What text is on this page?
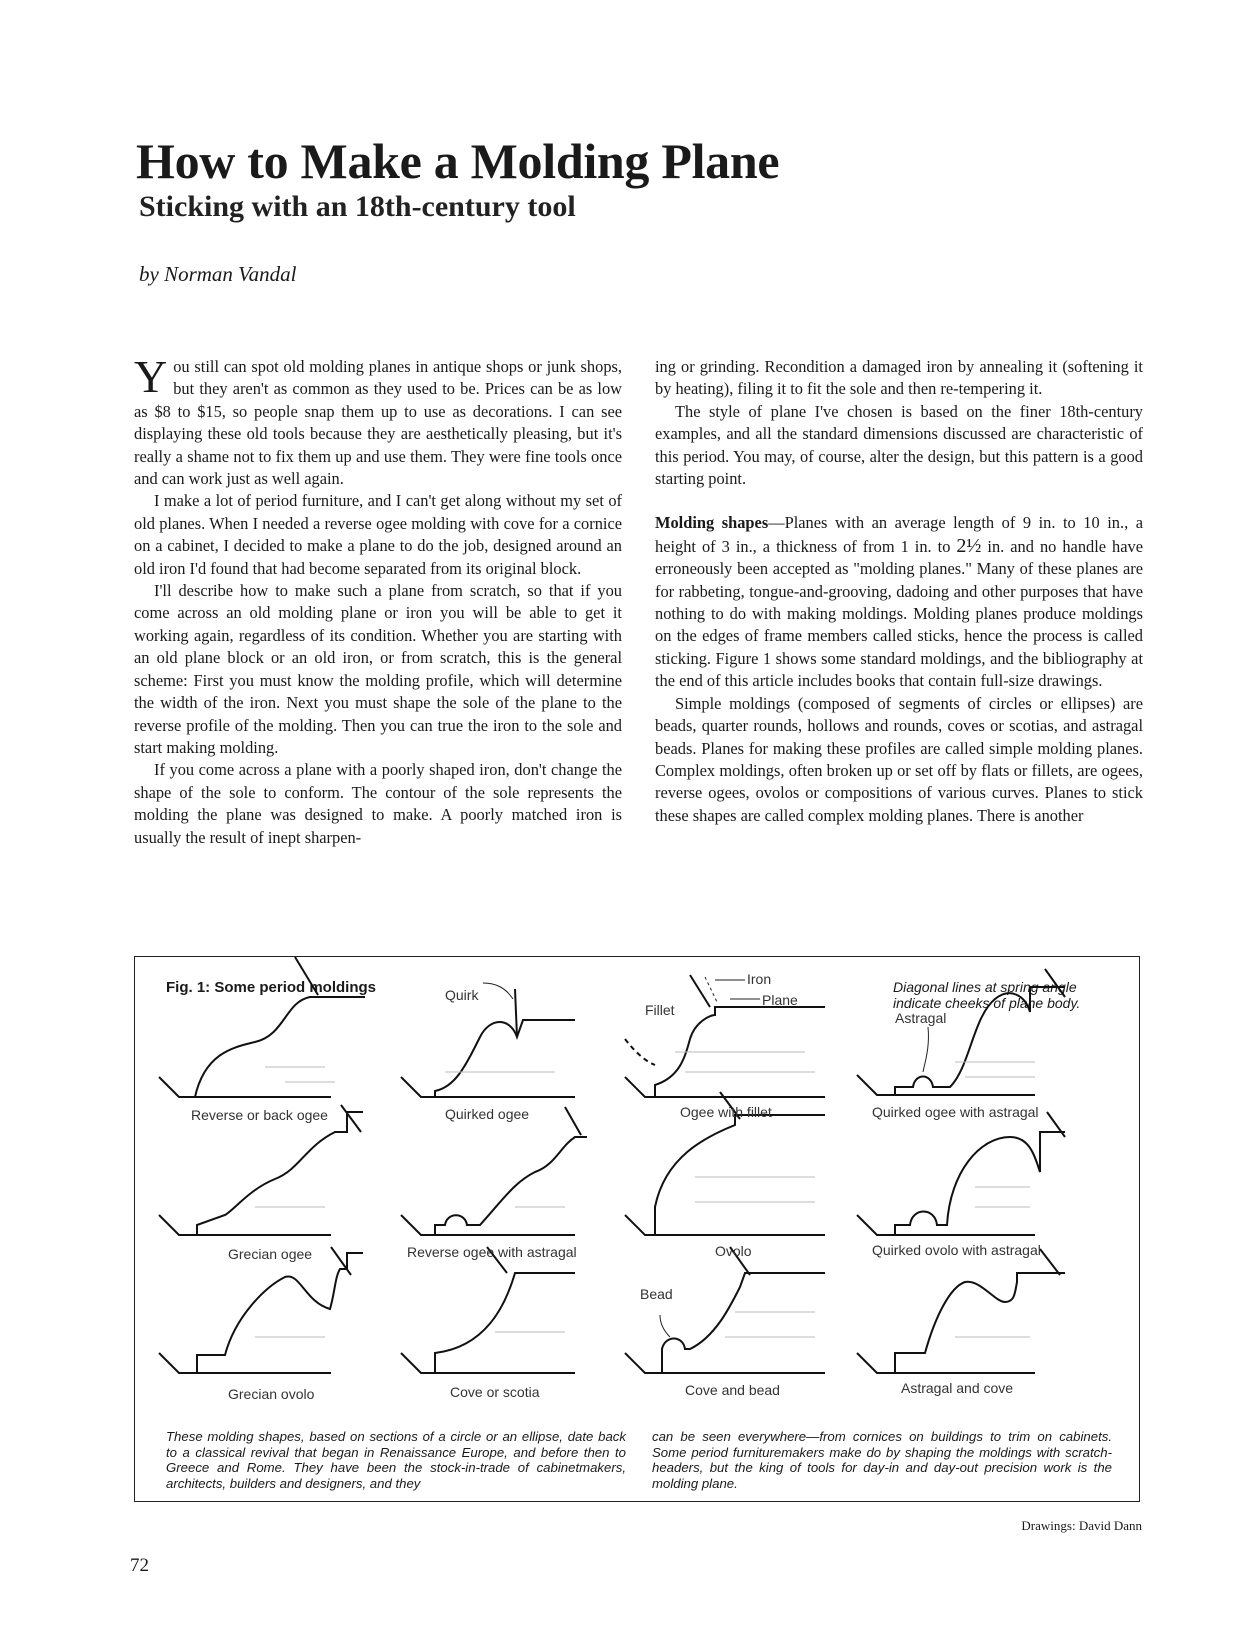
How to Make a Molding Plane
Sticking with an 18th-century tool

by Norman Vandal

You still can spot old molding planes in antique shops or junk shops, but they aren't as common as they used to be. Prices can be as low as $8 to $15, so people snap them up to use as decorations. I can see displaying these old tools because they are aesthetically pleasing, but it's really a shame not to fix them up and use them. They were fine tools once and can work just as well again.

I make a lot of period furniture, and I can't get along without my set of old planes. When I needed a reverse ogee molding with cove for a cornice on a cabinet, I decided to make a plane to do the job, designed around an old iron I'd found that had become separated from its original block.

I'll describe how to make such a plane from scratch, so that if you come across an old molding plane or iron you will be able to get it working again, regardless of its condition. Whether you are starting with an old plane block or an old iron, or from scratch, this is the general scheme: First you must know the molding profile, which will determine the width of the iron. Next you must shape the sole of the plane to the reverse profile of the molding. Then you can true the iron to the sole and start making molding.

If you come across a plane with a poorly shaped iron, don't change the shape of the sole to conform. The contour of the sole represents the molding the plane was designed to make. A poorly matched iron is usually the result of inept sharpen-

ing or grinding. Recondition a damaged iron by annealing it (softening it by heating), filing it to fit the sole and then re-tempering it.

The style of plane I've chosen is based on the finer 18th-century examples, and all the standard dimensions discussed are characteristic of this period. You may, of course, alter the design, but this pattern is a good starting point.

Molding shapes—Planes with an average length of 9 in. to 10 in., a height of 3 in., a thickness of from 1 in. to 2½ in. and no handle have erroneously been accepted as "molding planes." Many of these planes are for rabbeting, tongue-and-grooving, dadoing and other purposes that have nothing to do with making moldings. Molding planes produce moldings on the edges of frame members called sticks, hence the process is called sticking. Figure 1 shows some standard moldings, and the bibliography at the end of this article includes books that contain full-size drawings.

Simple moldings (composed of segments of circles or ellipses) are beads, quarter rounds, hollows and rounds, coves or scotias, and astragal beads. Planes for making these profiles are called simple molding planes. Complex moldings, often broken up or set off by flats or fillets, are ogees, reverse ogees, ovolos or compositions of various curves. Planes to stick these shapes are called complex molding planes. There is another

Fig. 1: Some period moldings	Diagonal lines at spring angle indicate cheeks of plane body.
Quirk
Iron
Plane
Fillet	Astragal
Bead
Reverse or back ogee	Quirked ogee	Ogee with fillet	Quirked ogee with astragal
Grecian ogee	Reverse ogee with astragal	Ovolo	Quirked ovolo with astragal
Grecian ovolo	Cove or scotia	Cove and bead	Astragal and cove
These molding shapes, based on sections of a circle or an ellipse, date back to a classical revival that began in Renaissance Europe, and before then to Greece and Rome. They have been the stock-in-trade of cabinetmakers, architects, builders and designers, and they
can be seen everywhere—from cornices on buildings to trim on cabinets. Some period furnituremakers make do by shaping the moldings with scratch-headers, but the king of tools for day-in and day-out precision work is the molding plane.
Drawings: David Dann
72
